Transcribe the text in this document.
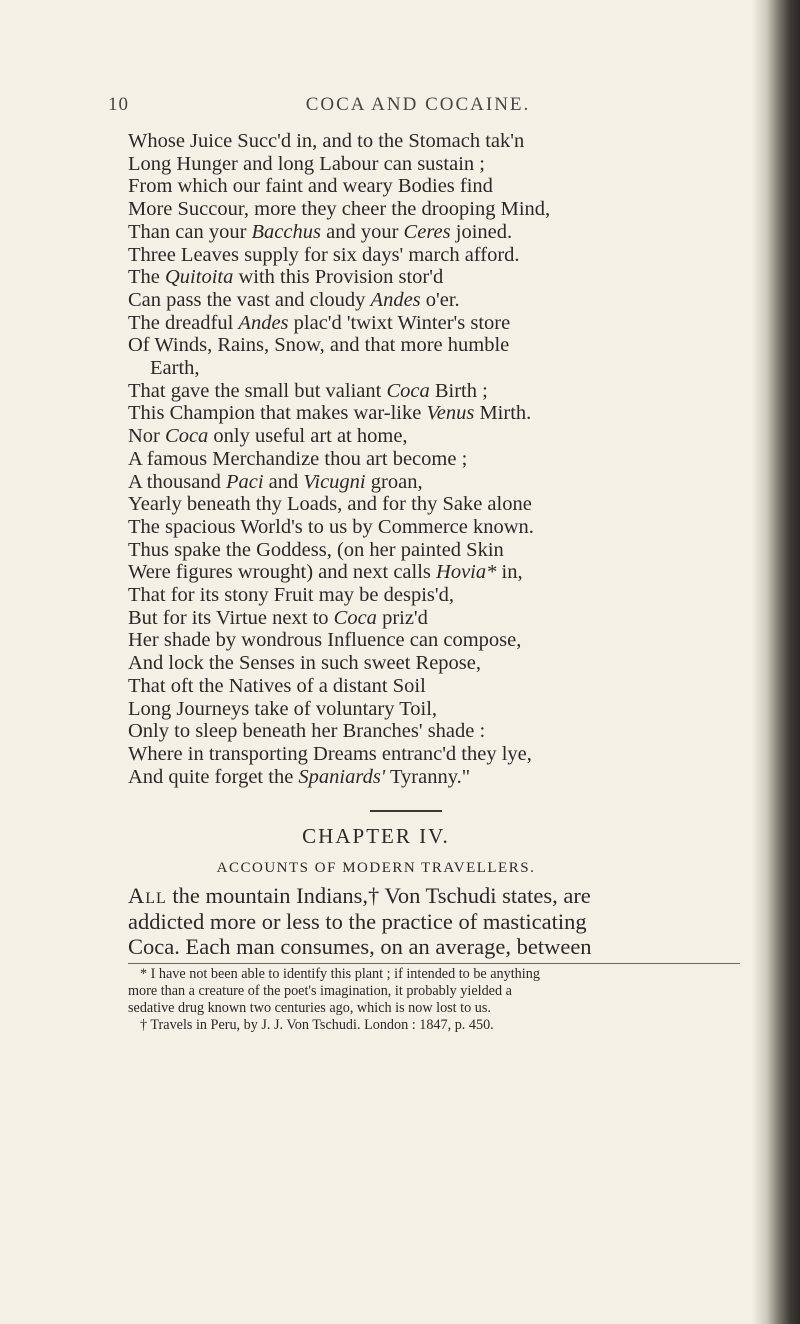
10	COCA AND COCAINE.
Whose Juice Succ'd in, and to the Stomach tak'n
Long Hunger and long Labour can sustain ;
From which our faint and weary Bodies find
More Succour, more they cheer the drooping Mind,
Than can your Bacchus and your Ceres joined.
Three Leaves supply for six days' march afford.
The Quitoita with this Provision stor'd
Can pass the vast and cloudy Andes o'er.
The dreadful Andes plac'd 'twixt Winter's store
Of Winds, Rains, Snow, and that more humble
Earth,
That gave the small but valiant Coca Birth ;
This Champion that makes war-like Venus Mirth.
Nor Coca only useful art at home,
A famous Merchandize thou art become ;
A thousand Paci and Vicugni groan,
Yearly beneath thy Loads, and for thy Sake alone
The spacious World's to us by Commerce known.
Thus spake the Goddess, (on her painted Skin
Were figures wrought) and next calls Hovia* in,
That for its stony Fruit may be despis'd,
But for its Virtue next to Coca priz'd
Her shade by wondrous Influence can compose,
And lock the Senses in such sweet Repose,
That oft the Natives of a distant Soil
Long Journeys take of voluntary Toil,
Only to sleep beneath her Branches' shade :
Where in transporting Dreams entranc'd they lye,
And quite forget the Spaniards' Tyranny."
CHAPTER IV.
ACCOUNTS OF MODERN TRAVELLERS.
All the mountain Indians,† Von Tschudi states, are
addicted more or less to the practice of masticating
Coca. Each man consumes, on an average, between
* I have not been able to identify this plant ; if intended to be anything
more than a creature of the poet's imagination, it probably yielded a
sedative drug known two centuries ago, which is now lost to us.
† Travels in Peru, by J. J. Von Tschudi. London : 1847, p. 450.
